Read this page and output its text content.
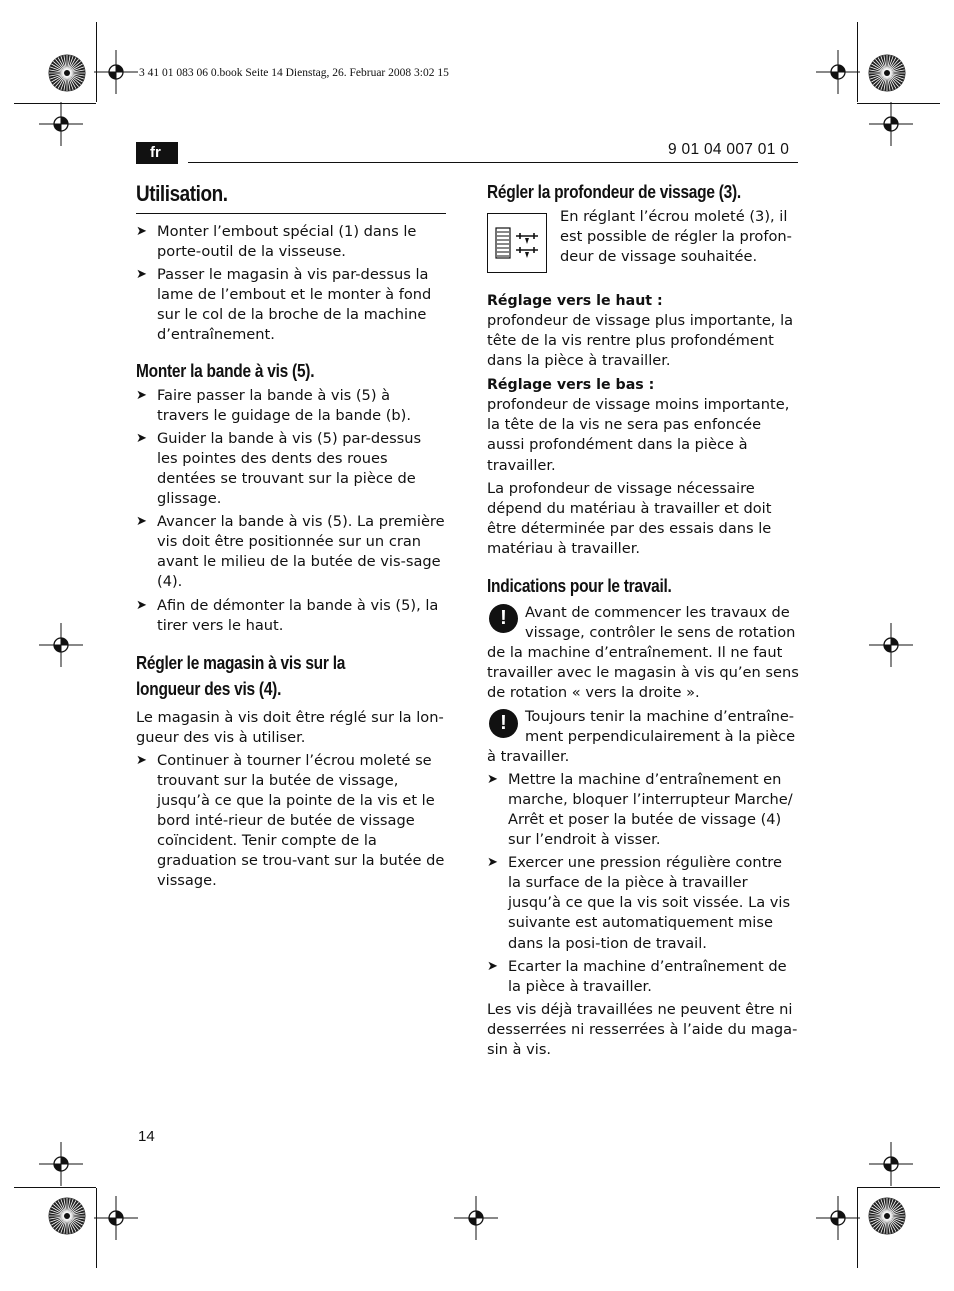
3 41 01 083 06 0.book Seite 14 Dienstag, 26. Februar 2008 3:02 15
fr	9 01 04 007 01 0
Utilisation.
➤ Monter l’embout spécial (1) dans le porte-outil de la visseuse.
➤ Passer le magasin à vis par-dessus la lame de l’embout et le monter à fond sur le col de la broche de la machine d’entraînement.
Monter la bande à vis (5).
➤ Faire passer la bande à vis (5) à travers le guidage de la bande (b).
➤ Guider la bande à vis (5) par-dessus les pointes des dents des roues dentées se trouvant sur la pièce de glissage.
➤ Avancer la bande à vis (5). La première vis doit être positionnée sur un cran avant le milieu de la butée de vis-sage (4).
➤ Afin de démonter la bande à vis (5), la tirer vers le haut.
Régler le magasin à vis sur la
longueur des vis (4).

Le magasin à vis doit être réglé sur la lon-gueur des vis à utiliser.

➤ Continuer à tourner l’écrou moleté se trouvant sur la butée de vissage, jusqu’à ce que la pointe de la vis et le bord inté-rieur de butée de vissage coïncident. Tenir compte de la graduation se trou-vant sur la butée de vissage.
Régler la profondeur de vissage (3).

En réglant l’écrou moleté (3), il est possible de régler la profon-deur de vissage souhaitée.

Réglage vers le haut :

profondeur de vissage plus importante, la tête de la vis rentre plus profondément dans la pièce à travailler.

Réglage vers le bas :

profondeur de vissage moins importante, la tête de la vis ne sera pas enfoncée aussi profondément dans la pièce à travailler.

La profondeur de vissage nécessaire dépend du matériau à travailler et doit être déterminée par des essais dans le matériau à travailler.

Indications pour le travail.
!	Avant de commencer les travaux de vissage, contrôler le sens de rotation de la machine d’entraînement. Il ne faut travailler avec le magasin à vis qu’en sens de rotation « vers la droite ».

!	Toujours tenir la machine d’entraîne-ment perpendiculairement à la pièce à travailler.

➤ Mettre la machine d’entraînement en marche, bloquer l’interrupteur Marche/ Arrêt et poser la butée de vissage (4) sur l’endroit à visser.
➤ Exercer une pression régulière contre la surface de la pièce à travailler jusqu’à ce que la vis soit vissée. La vis suivante est automatiquement mise dans la posi-tion de travail.
➤ Ecarter la machine d’entraînement de la pièce à travailler.

Les vis déjà travaillées ne peuvent être ni desserrées ni resserrées à l’aide du maga-sin à vis.

14
